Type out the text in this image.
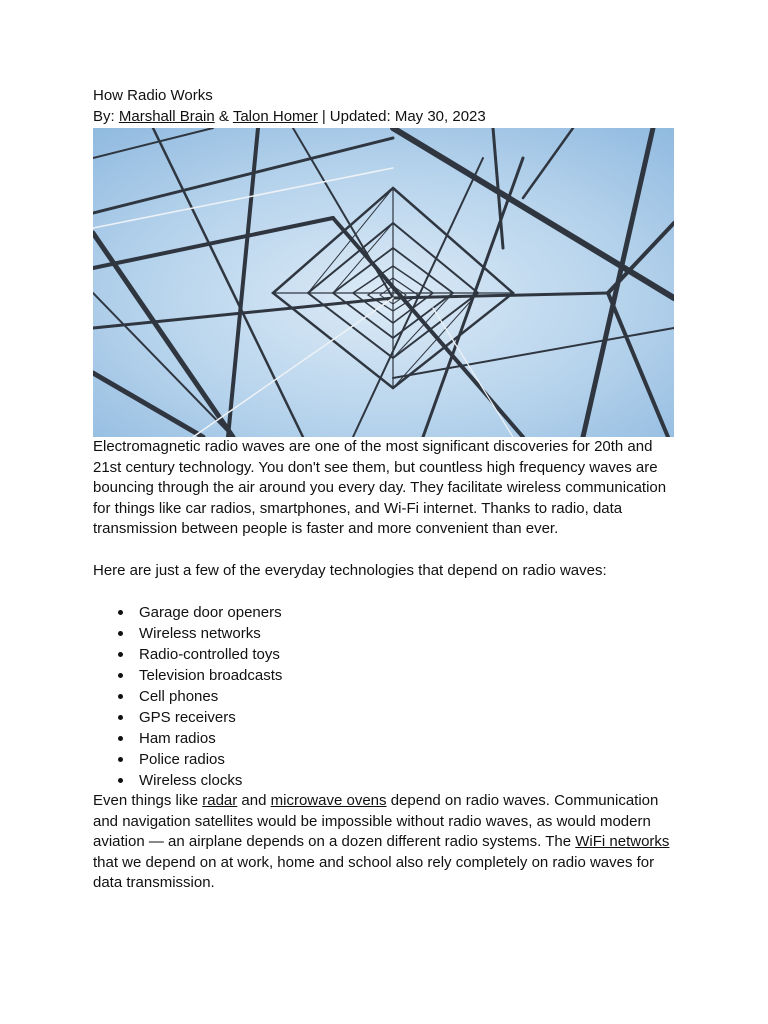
How Radio Works

By: Marshall Brain & Talon Homer | Updated: May 30, 2023

Electromagnetic radio waves are one of the most significant discoveries for 20th and 21st century technology. You don't see them, but countless high frequency waves are bouncing through the air around you every day. They facilitate wireless communication for things like car radios, smartphones, and Wi-Fi internet. Thanks to radio, data transmission between people is faster and more convenient than ever.

Here are just a few of the everyday technologies that depend on radio waves:

Garage door openers
Wireless networks
Radio-controlled toys
Television broadcasts
Cell phones
GPS receivers
Ham radios
Police radios
Wireless clocks

Even things like radar and microwave ovens depend on radio waves. Communication and navigation satellites would be impossible without radio waves, as would modern aviation — an airplane depends on a dozen different radio systems. The WiFi networks that we depend on at work, home and school also rely completely on radio waves for data transmission.
